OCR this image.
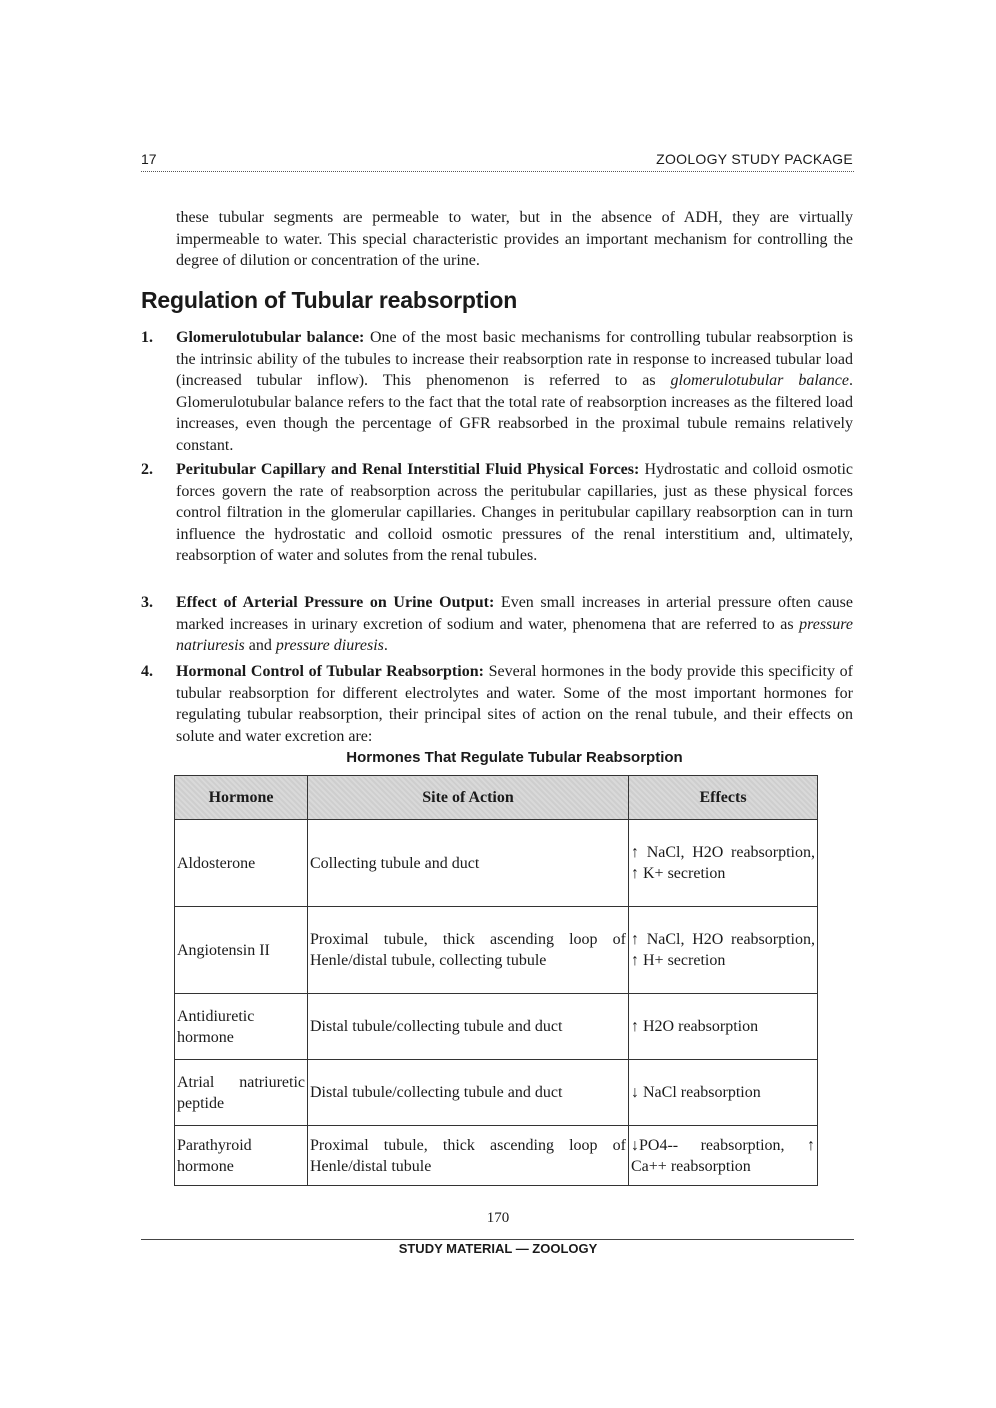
17	ZOOLOGY STUDY PACKAGE
these tubular segments are permeable to water, but in the absence of ADH, they are virtually impermeable to water. This special characteristic provides an important mechanism for controlling the degree of dilution or concentration of the urine.
Regulation of Tubular reabsorption
1. Glomerulotubular balance: One of the most basic mechanisms for controlling tubular reabsorption is the intrinsic ability of the tubules to increase their reabsorption rate in response to increased tubular load (increased tubular inflow). This phenomenon is referred to as glomerulotubular balance. Glomerulotubular balance refers to the fact that the total rate of reabsorption increases as the filtered load increases, even though the percentage of GFR reabsorbed in the proximal tubule remains relatively constant.
2. Peritubular Capillary and Renal Interstitial Fluid Physical Forces: Hydrostatic and colloid osmotic forces govern the rate of reabsorption across the peritubular capillaries, just as these physical forces control filtration in the glomerular capillaries. Changes in peritubular capillary reabsorption can in turn influence the hydrostatic and colloid osmotic pressures of the renal interstitium and, ultimately, reabsorption of water and solutes from the renal tubules.
3. Effect of Arterial Pressure on Urine Output: Even small increases in arterial pressure often cause marked increases in urinary excretion of sodium and water, phenomena that are referred to as pressure natriuresis and pressure diuresis.
4. Hormonal Control of Tubular Reabsorption: Several hormones in the body provide this specificity of tubular reabsorption for different electrolytes and water. Some of the most important hormones for regulating tubular reabsorption, their principal sites of action on the renal tubule, and their effects on solute and water excretion are:
Hormones That Regulate Tubular Reabsorption
Hormone	Site of Action	Effects
Aldosterone	Collecting tubule and duct	↑ NaCl, H2O reabsorption, ↑ K+ secretion
Angiotensin II	Proximal tubule, thick ascending loop of Henle/distal tubule, collecting tubule	↑ NaCl, H2O reabsorption, ↑ H+ secretion
Antidiuretic hormone	Distal tubule/collecting tubule and duct	↑ H2O reabsorption
Atrial natriuretic peptide	Distal tubule/collecting tubule and duct	↓ NaCl reabsorption
Parathyroid hormone	Proximal tubule, thick ascending loop of Henle/distal tubule	↓PO4-- reabsorption, ↑ Ca++ reabsorption
170
STUDY MATERIAL — ZOOLOGY
